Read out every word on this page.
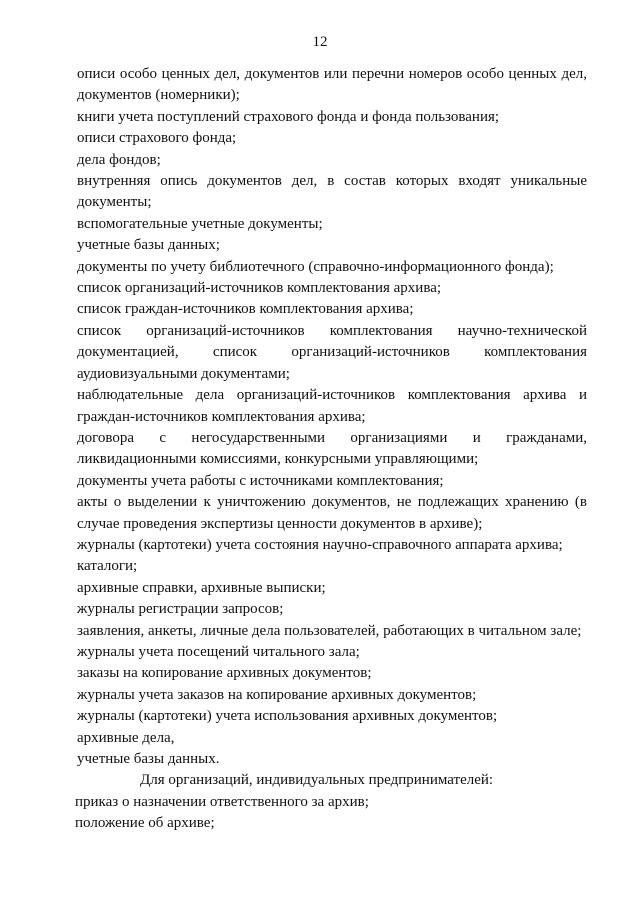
12
описи особо ценных дел, документов или перечни номеров особо ценных дел,
документов (номерники);
книги учета поступлений страхового фонда и фонда пользования;
описи страхового фонда;
дела фондов;
внутренняя опись документов дел, в состав которых входят уникальные
документы;
вспомогательные учетные документы;
учетные базы данных;
документы по учету библиотечного (справочно-информационного фонда);
список организаций-источников комплектования архива;
список граждан-источников комплектования архива;
список организаций-источников комплектования научно-технической
документацией, список организаций-источников комплектования
аудиовизуальными документами;
наблюдательные дела организаций-источников комплектования архива и
граждан-источников комплектования архива;
договора с негосударственными организациями и гражданами,
ликвидационными комиссиями, конкурсными управляющими;
документы учета работы с источниками комплектования;
акты о выделении к уничтожению документов, не подлежащих хранению (в
случае проведения экспертизы ценности документов в архиве);
журналы (картотеки) учета состояния научно-справочного аппарата архива;
каталоги;
архивные справки, архивные выписки;
журналы регистрации запросов;
заявления, анкеты, личные дела пользователей, работающих в читальном зале;
журналы учета посещений читального зала;
заказы на копирование архивных документов;
журналы учета заказов на копирование архивных документов;
журналы (картотеки) учета использования архивных документов;
архивные дела,
учетные базы данных.
Для организаций, индивидуальных предпринимателей:
приказ о назначении ответственного за архив;
положение об архиве;
